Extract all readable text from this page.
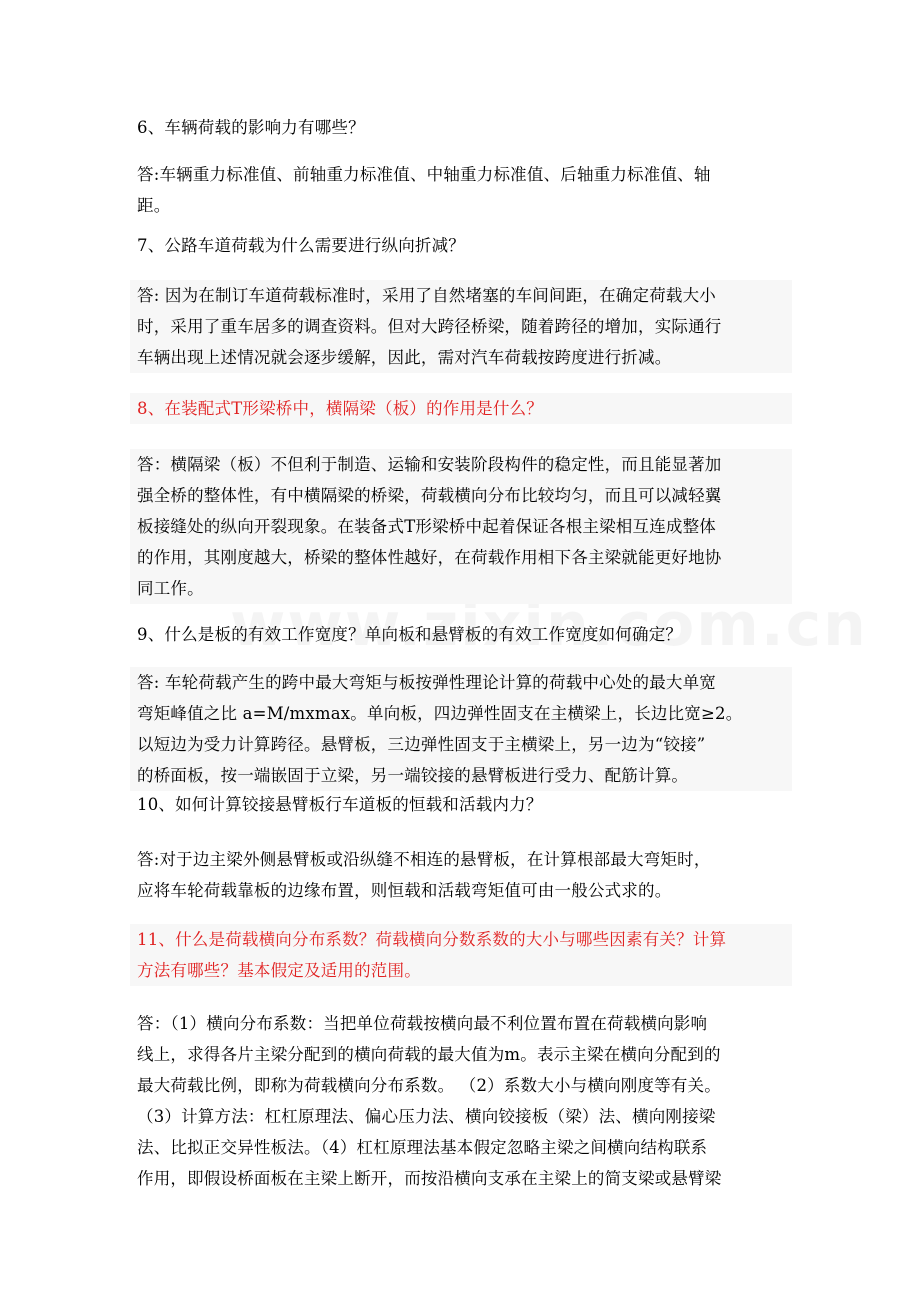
6、车辆荷载的影响力有哪些？
答:车辆重力标准值、前轴重力标准值、中轴重力标准值、后轴重力标准值、轴
距。
7、公路车道荷载为什么需要进行纵向折减？
答: 因为在制订车道荷载标准时，采用了自然堵塞的车间间距，在确定荷载大小
时，采用了重车居多的调查资料。但对大跨径桥梁，随着跨径的增加，实际通行
车辆出现上述情况就会逐步缓解，因此，需对汽车荷载按跨度进行折减。
8、在装配式T形梁桥中，横隔梁（板）的作用是什么？
答：横隔梁（板）不但利于制造、运输和安装阶段构件的稳定性，而且能显著加
强全桥的整体性，有中横隔梁的桥梁，荷载横向分布比较均匀，而且可以减轻翼
板接缝处的纵向开裂现象。在装备式T形梁桥中起着保证各根主梁相互连成整体
的作用，其刚度越大，桥梁的整体性越好，在荷载作用相下各主梁就能更好地协
同工作。
9、什么是板的有效工作宽度？单向板和悬臂板的有效工作宽度如何确定？
答: 车轮荷载产生的跨中最大弯矩与板按弹性理论计算的荷载中心处的最大单宽
弯矩峰值之比 a=M/mxmax。单向板，四边弹性固支在主横梁上，长边比宽≥2。
以短边为受力计算跨径。悬臂板，三边弹性固支于主横梁上，另一边为“铰接”
的桥面板，按一端嵌固于立梁，另一端铰接的悬臂板进行受力、配筋计算。
10、如何计算铰接悬臂板行车道板的恒载和活载内力？
答:对于边主梁外侧悬臂板或沿纵缝不相连的悬臂板，在计算根部最大弯矩时，
应将车轮荷载靠板的边缘布置，则恒载和活载弯矩值可由一般公式求的。
11、什么是荷载横向分布系数？荷载横向分数系数的大小与哪些因素有关？计算
方法有哪些？基本假定及适用的范围。
答：（1）横向分布系数：当把单位荷载按横向最不利位置布置在荷载横向影响
线上，求得各片主梁分配到的横向荷载的最大值为m。表示主梁在横向分配到的
最大荷载比例，即称为荷载横向分布系数。 （2）系数大小与横向刚度等有关。
（3）计算方法：杠杠原理法、偏心压力法、横向铰接板（梁）法、横向刚接梁
法、比拟正交异性板法。（4）杠杠原理法基本假定忽略主梁之间横向结构联系
作用，即假设桥面板在主梁上断开，而按沿横向支承在主梁上的简支梁或悬臂梁
